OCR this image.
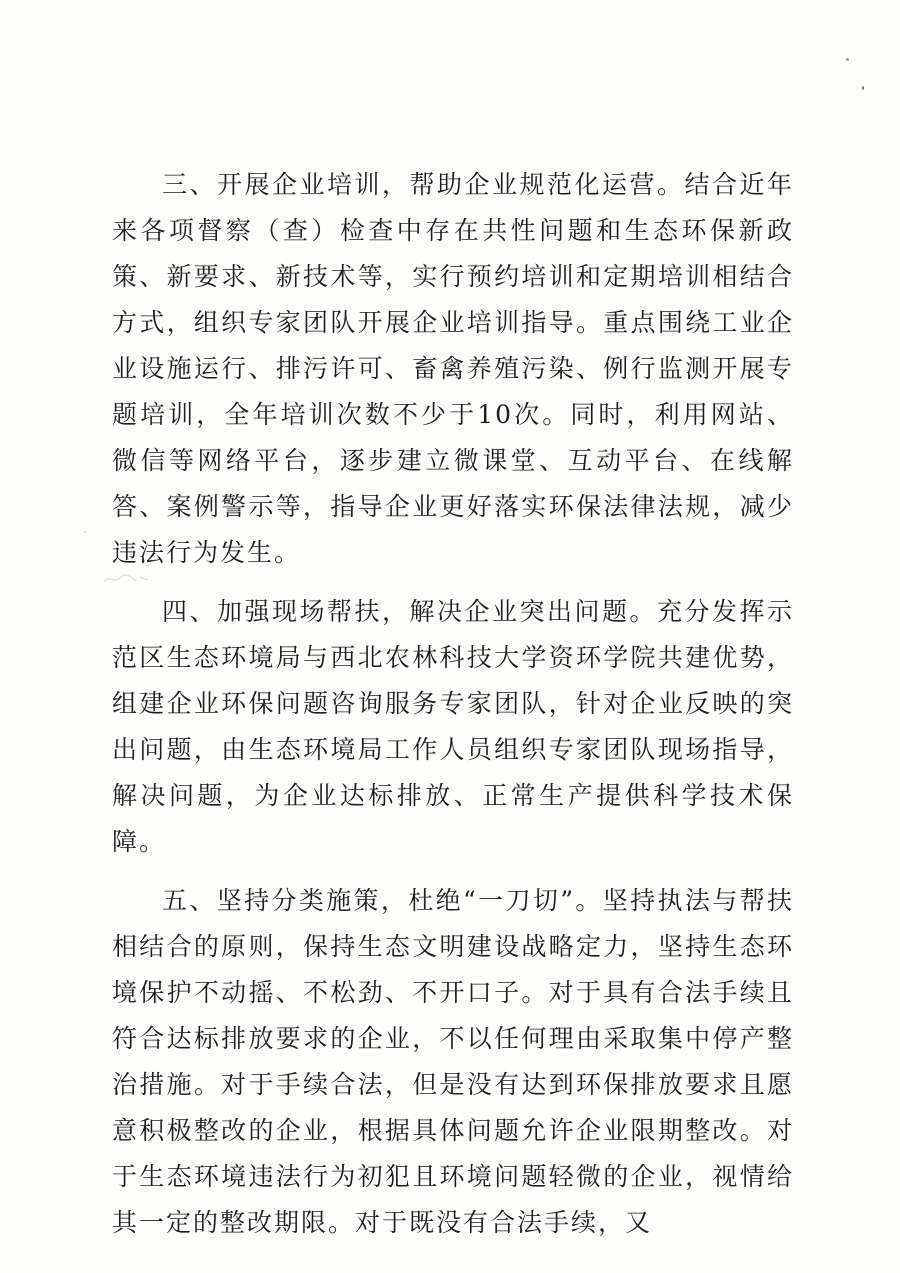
三、开展企业培训，帮助企业规范化运营。结合近年来各项督察（查）检查中存在共性问题和生态环保新政策、新要求、新技术等，实行预约培训和定期培训相结合方式，组织专家团队开展企业培训指导。重点围绕工业企业设施运行、排污许可、畜禽养殖污染、例行监测开展专题培训，全年培训次数不少于10次。同时，利用网站、微信等网络平台，逐步建立微课堂、互动平台、在线解答、案例警示等，指导企业更好落实环保法律法规，减少违法行为发生。

四、加强现场帮扶，解决企业突出问题。充分发挥示范区生态环境局与西北农林科技大学资环学院共建优势，组建企业环保问题咨询服务专家团队，针对企业反映的突出问题，由生态环境局工作人员组织专家团队现场指导，解决问题，为企业达标排放、正常生产提供科学技术保障。

五、坚持分类施策，杜绝“一刀切”。坚持执法与帮扶相结合的原则，保持生态文明建设战略定力，坚持生态环境保护不动摇、不松劲、不开口子。对于具有合法手续且符合达标排放要求的企业，不以任何理由采取集中停产整治措施。对于手续合法，但是没有达到环保排放要求且愿意积极整改的企业，根据具体问题允许企业限期整改。对于生态环境违法行为初犯且环境问题轻微的企业，视情给其一定的整改期限。对于既没有合法手续，又
